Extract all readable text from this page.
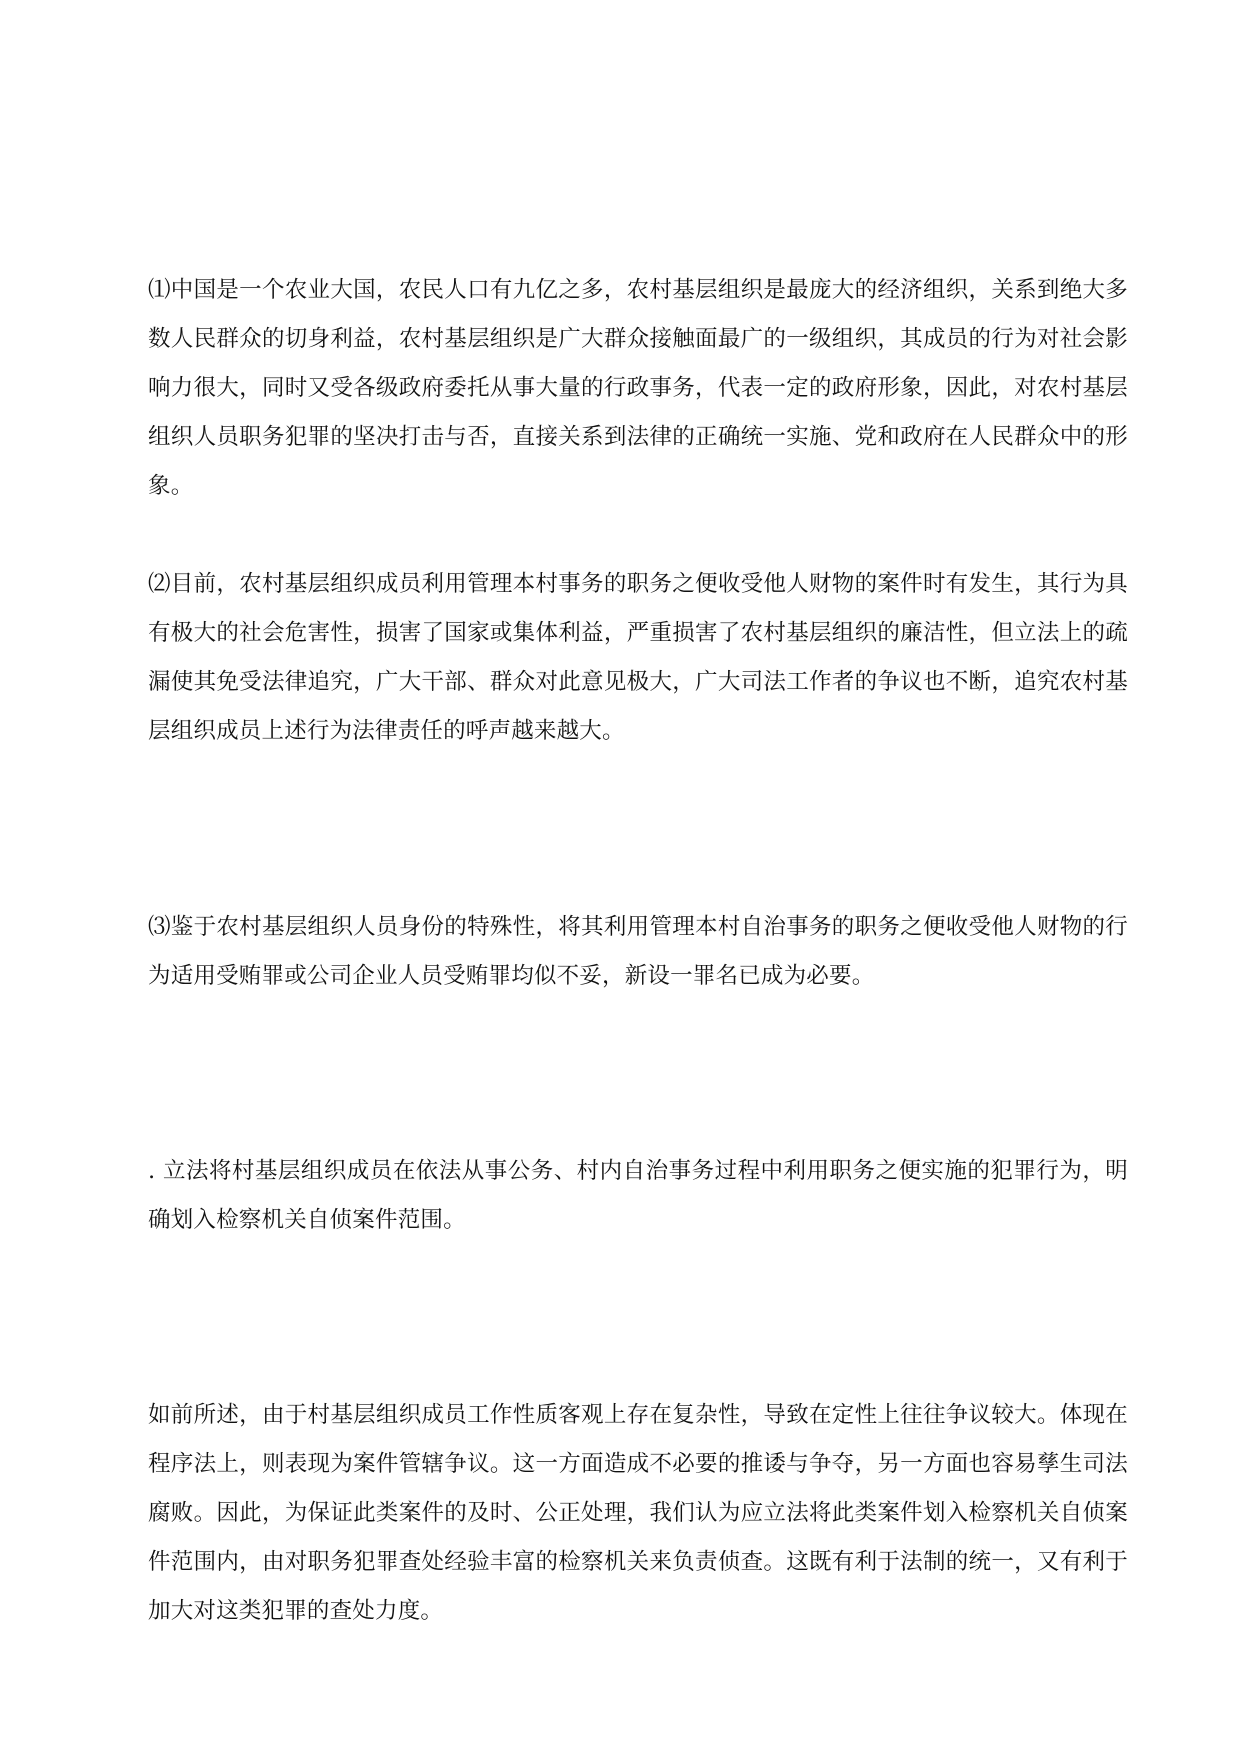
⑴中国是一个农业大国，农民人口有九亿之多，农村基层组织是最庞大的经济组织，关系到绝大多数人民群众的切身利益，农村基层组织是广大群众接触面最广的一级组织，其成员的行为对社会影响力很大，同时又受各级政府委托从事大量的行政事务，代表一定的政府形象，因此，对农村基层组织人员职务犯罪的坚决打击与否，直接关系到法律的正确统一实施、党和政府在人民群众中的形象。

⑵目前，农村基层组织成员利用管理本村事务的职务之便收受他人财物的案件时有发生，其行为具有极大的社会危害性，损害了国家或集体利益，严重损害了农村基层组织的廉洁性，但立法上的疏漏使其免受法律追究，广大干部、群众对此意见极大，广大司法工作者的争议也不断，追究农村基层组织成员上述行为法律责任的呼声越来越大。

⑶鉴于农村基层组织人员身份的特殊性，将其利用管理本村自治事务的职务之便收受他人财物的行为适用受贿罪或公司企业人员受贿罪均似不妥，新设一罪名已成为必要。

. 立法将村基层组织成员在依法从事公务、村内自治事务过程中利用职务之便实施的犯罪行为，明确划入检察机关自侦案件范围。

如前所述，由于村基层组织成员工作性质客观上存在复杂性，导致在定性上往往争议较大。体现在程序法上，则表现为案件管辖争议。这一方面造成不必要的推诿与争夺，另一方面也容易孳生司法腐败。因此，为保证此类案件的及时、公正处理，我们认为应立法将此类案件划入检察机关自侦案件范围内，由对职务犯罪查处经验丰富的检察机关来负责侦查。这既有利于法制的统一，又有利于加大对这类犯罪的查处力度。
